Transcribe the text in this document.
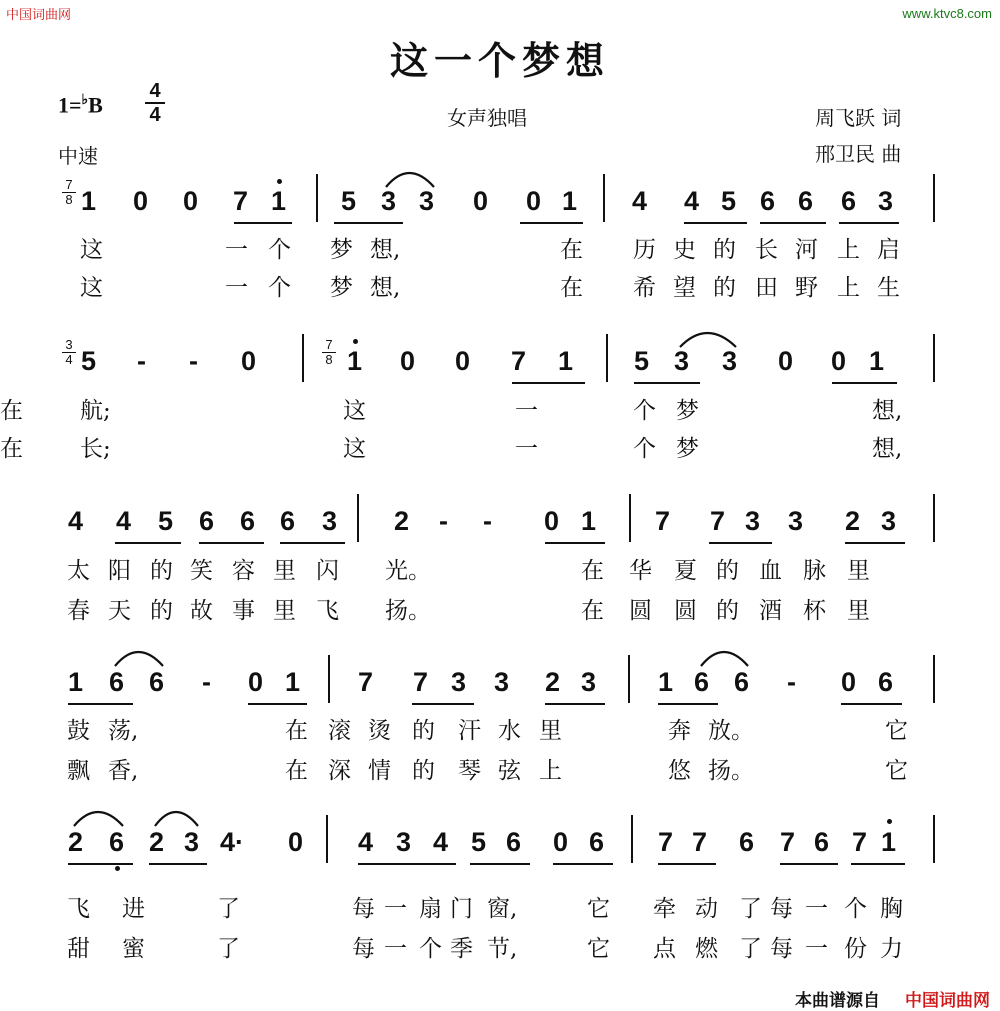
中国词曲网	www.ktvc8.com
这一个梦想
1=♭B
4
4	女声独唱
中速
周飞跃 词
邢卫民 曲
1 0 0 7 1 5 3 3 0 0 1 4 4 5 6 6 6 3
这	一 个 梦 想,	在 历 史 的 长 河 上 启
这	一 个 梦 想,	在 希 望 的 田 野 上 生
$\frac{7}{8}$
5 - - 0	1 0 0 7 1 5 3 3 0 0 1
航;	这	一	个 梦	想,
在
长;	这	一	个 梦	想,
在
$\frac{3}{4}$	$\frac{7}{8}$
4 4 5 6 6 6 3 2 - - 0 1 7 7 3 3 2 3
太 阳 的 笑 容 里 闪 光。	在 华 夏 的 血 脉 里
春 天 的 故 事 里 飞 扬。	在 圆 圆 的 酒 杯 里
1 6 6 - 0 1 7 7 3 3 2 3 1 6 6 - 0 6
鼓 荡,	在 滚 烫 的 汗 水 里	奔 放。	它
飘 香,	在 深 情 的 琴 弦 上	悠 扬。	它
2 6 2 3 4· 0 4 3 4 5 6 0 6 7 7 6 7 6 7 1
飞 进	了	每 一 扇 门 窗,	它 牵 动 了 每 一 个 胸
甜 蜜	了	每 一 个 季 节,	它 点 燃 了 每 一 份 力
本曲谱源自 中国词曲网
